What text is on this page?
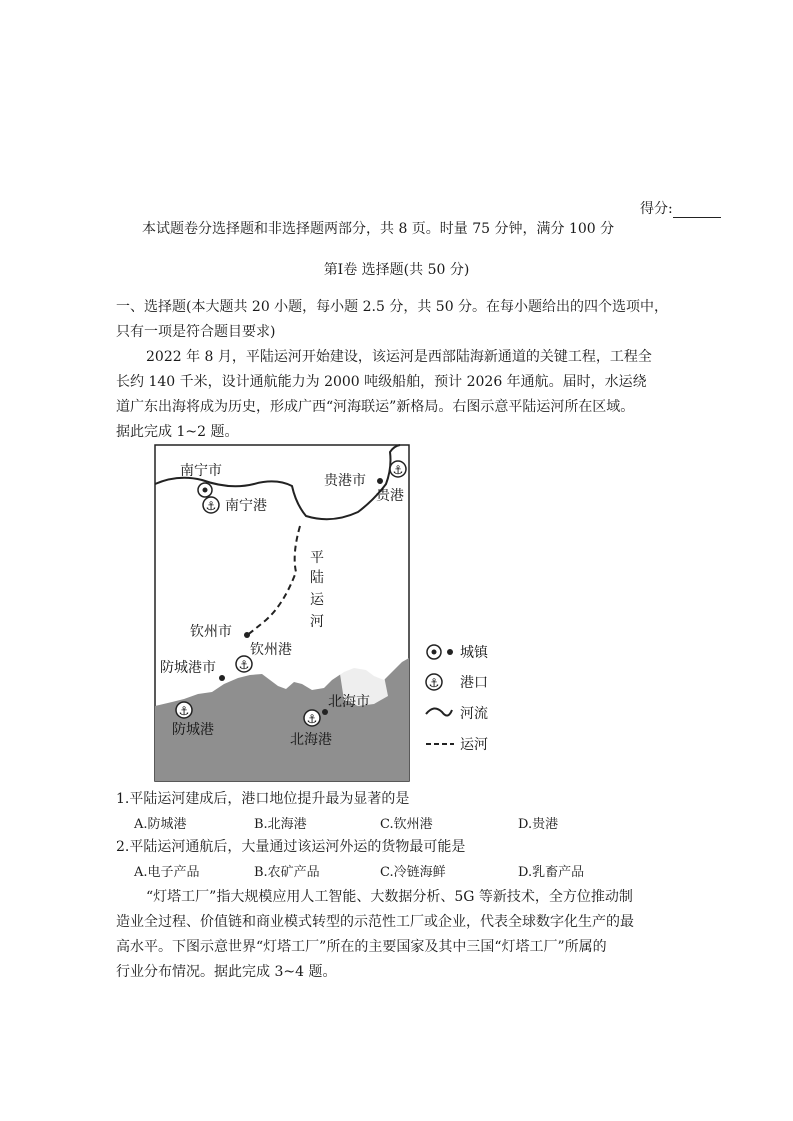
得分:
本试题卷分选择题和非选择题两部分，共 8 页。时量 75 分钟，满分 100 分
第Ⅰ卷 选择题(共 50 分)
一、选择题(本大题共 20 小题，每小题 2.5 分，共 50 分。在每小题给出的四个选项中，
只有一项是符合题目要求)
2022 年 8 月，平陆运河开始建设，该运河是西部陆海新通道的关键工程，工程全
长约 140 千米，设计通航能力为 2000 吨级船舶，预计 2026 年通航。届时，水运绕
道广东出海将成为历史，形成广西“河海联运”新格局。右图示意平陆运河所在区域。
据此完成 1~2 题。
南宁市
⚓ 南宁港
贵港市
⚓
贵港
平
陆
运
河
钦州市
钦州港
⚓
防城港市
⚓
防城港
北海市
⚓
北海港
城镇
⚓ 港口
河流
运河
1.平陆运河建成后，港口地位提升最为显著的是
A.防城港	B.北海港	C.钦州港	D.贵港
2.平陆运河通航后，大量通过该运河外运的货物最可能是
A.电子产品	B.农矿产品	C.冷链海鲜	D.乳畜产品
“灯塔工厂”指大规模应用人工智能、大数据分析、5G 等新技术，全方位推动制
造业全过程、价值链和商业模式转型的示范性工厂或企业，代表全球数字化生产的最
高水平。下图示意世界“灯塔工厂”所在的主要国家及其中三国“灯塔工厂”所属的
行业分布情况。据此完成 3~4 题。
